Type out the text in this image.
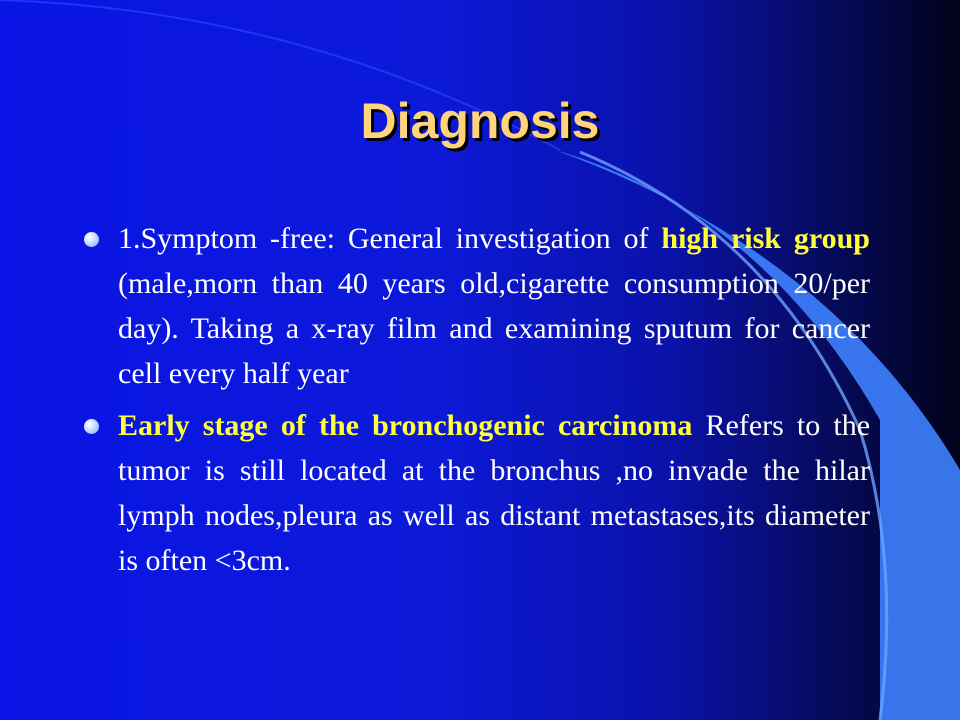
Diagnosis
1.Symptom -free: General investigation of high risk group (male,morn than 40 years old,cigarette consumption 20/per day). Taking a x-ray film and examining sputum for cancer cell every half year
Early stage of the bronchogenic carcinoma Refers to the tumor is still located at the bronchus ,no invade the hilar lymph nodes,pleura as well as distant metastases,its diameter is often <3cm.
